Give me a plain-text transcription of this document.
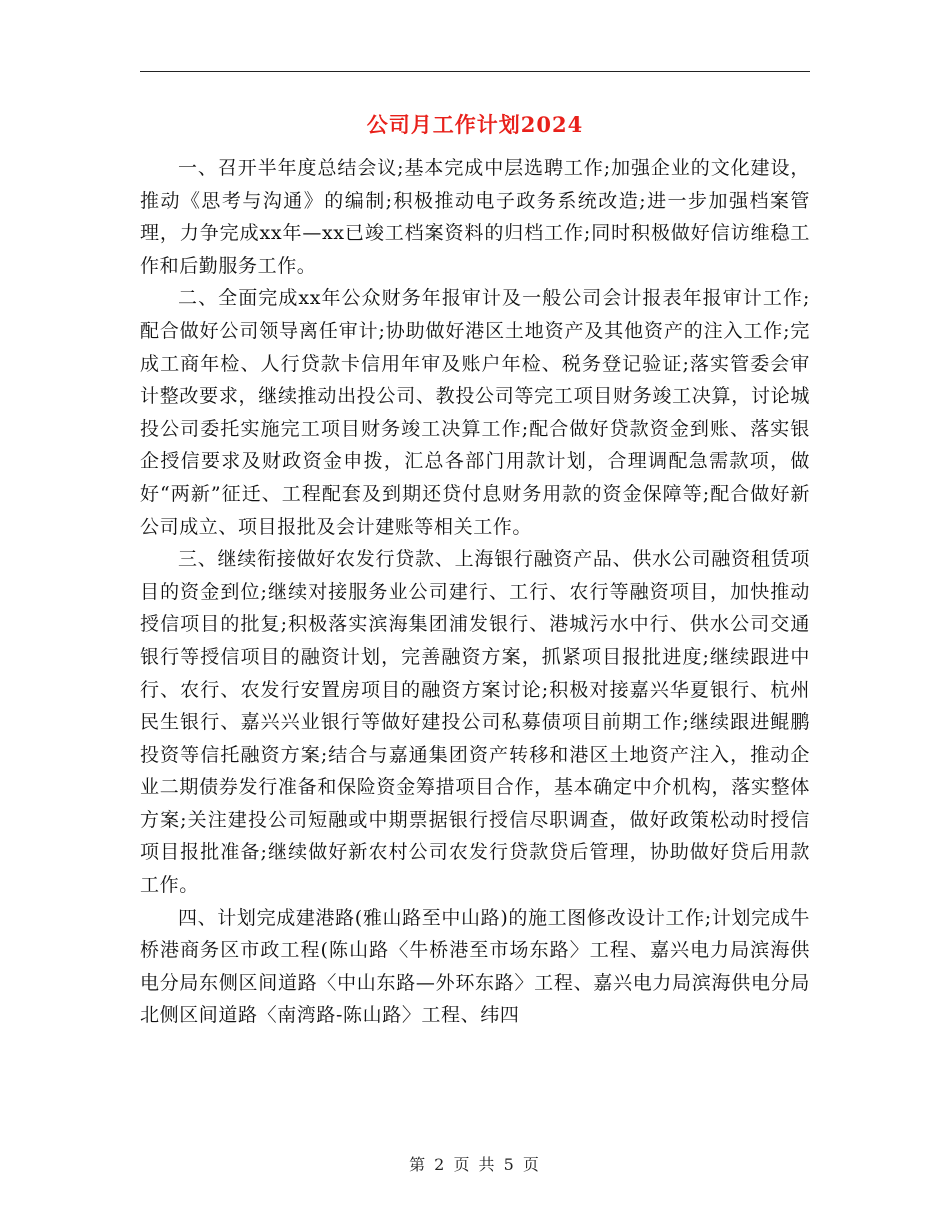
公司月工作计划2024

一、召开半年度总结会议;基本完成中层选聘工作;加强企业的文化建设，推动《思考与沟通》的编制;积极推动电子政务系统改造;进一步加强档案管理，力争完成xx年—xx已竣工档案资料的归档工作;同时积极做好信访维稳工作和后勤服务工作。

二、全面完成xx年公众财务年报审计及一般公司会计报表年报审计工作;配合做好公司领导离任审计;协助做好港区土地资产及其他资产的注入工作;完成工商年检、人行贷款卡信用年审及账户年检、税务登记验证;落实管委会审计整改要求，继续推动出投公司、教投公司等完工项目财务竣工决算，讨论城投公司委托实施完工项目财务竣工决算工作;配合做好贷款资金到账、落实银企授信要求及财政资金申拨，汇总各部门用款计划，合理调配急需款项，做好“两新”征迁、工程配套及到期还贷付息财务用款的资金保障等;配合做好新公司成立、项目报批及会计建账等相关工作。

三、继续衔接做好农发行贷款、上海银行融资产品、供水公司融资租赁项目的资金到位;继续对接服务业公司建行、工行、农行等融资项目，加快推动授信项目的批复;积极落实滨海集团浦发银行、港城污水中行、供水公司交通银行等授信项目的融资计划，完善融资方案，抓紧项目报批进度;继续跟进中行、农行、农发行安置房项目的融资方案讨论;积极对接嘉兴华夏银行、杭州民生银行、嘉兴兴业银行等做好建投公司私募债项目前期工作;继续跟进鲲鹏投资等信托融资方案;结合与嘉通集团资产转移和港区土地资产注入，推动企业二期债券发行准备和保险资金筹措项目合作，基本确定中介机构，落实整体方案;关注建投公司短融或中期票据银行授信尽职调查，做好政策松动时授信项目报批准备;继续做好新农村公司农发行贷款贷后管理，协助做好贷后用款工作。

四、计划完成建港路(雅山路至中山路)的施工图修改设计工作;计划完成牛桥港商务区市政工程(陈山路〈牛桥港至市场东路〉工程、嘉兴电力局滨海供电分局东侧区间道路〈中山东路—外环东路〉工程、嘉兴电力局滨海供电分局北侧区间道路〈南湾路-陈山路〉工程、纬四

第 2 页 共 5 页
